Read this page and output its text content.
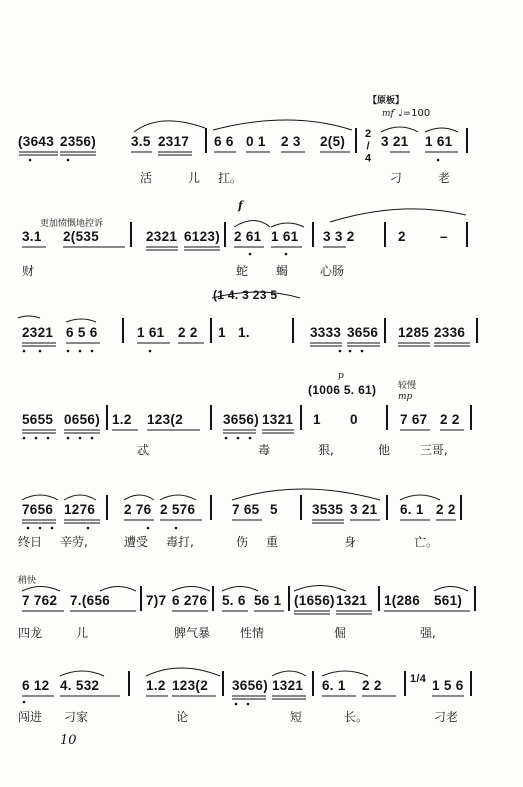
【原板】
mf ♩=100
(3643 2356)	3.5 2317 6 6 0 1 2 3 2(5) 2/4 3 21 1 61
活	儿 扛。	刁	老
更加愤慨地控诉
f
3.1 2(535	2321 6123) 2 61 1 61 3 3 2	2	–
财	蛇 蝎	心肠
(1 4. 3 23 5
2321 6 5 6	1 61 2 2 1 1.	3333 3656 1285 2336
(1006 5. 61)
p
较慢
mp
5655 0656) 1.2 123(2	3656) 1321 1 0	7 67 2 2
忒	毒	狠,	他 三哥,
7656 1276 2 76 2 576	7 65 5	3535 3 21 6. 1 2 2
终日 辛劳,	遭受 毒打,	伤 重	身	亡。
稍快
7 762 7.(656	7)7 6 276 5. 6 56 1 (1656) 1321 1(286 561)
四龙	儿	脾气暴 性情	倔	强,
6 12 4. 532	1.2 123(2 3656) 1321 6. 1 2 2	1/4 1 5 6
闯进 刁家	论	短	长。	刁老
10
